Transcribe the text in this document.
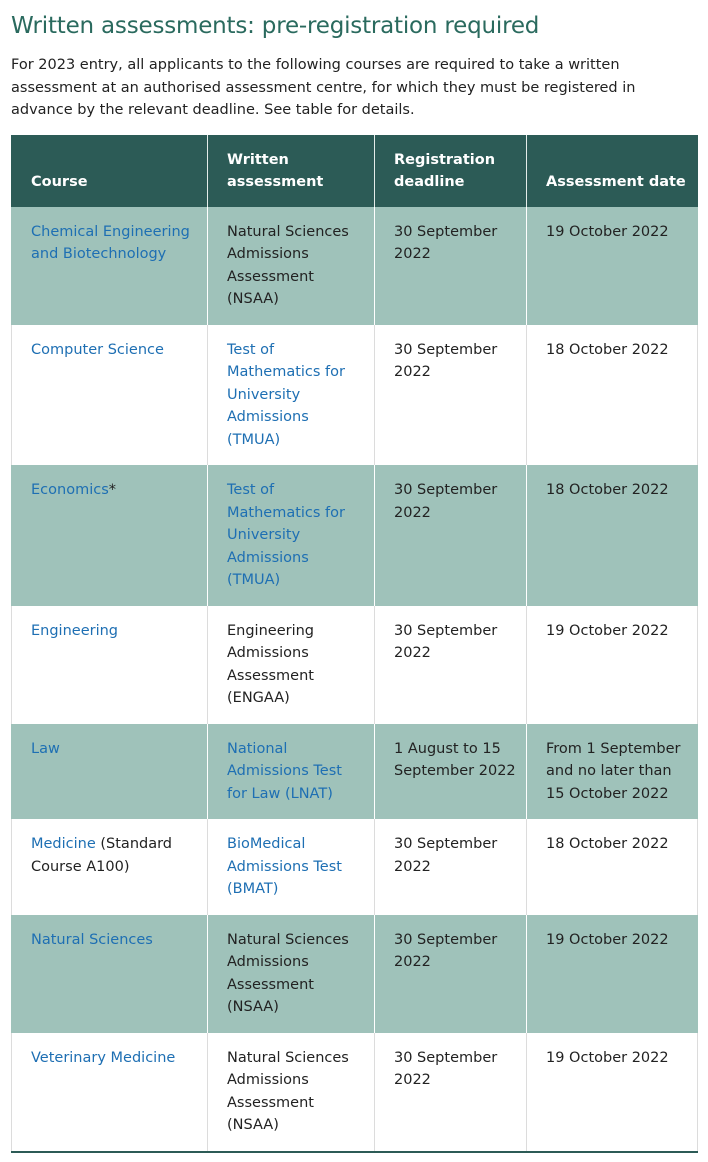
Written assessments: pre-registration required

For 2023 entry, all applicants to the following courses are required to take a written assessment at an authorised assessment centre, for which they must be registered in advance by the relevant deadline. See table for details.

Course	Written assessment	Registration deadline	Assessment date
Chemical Engineering and Biotechnology	Natural Sciences Admissions Assessment (NSAA)	30 September 2022	19 October 2022
Computer Science	Test of Mathematics for University Admissions (TMUA)	30 September 2022	18 October 2022
Economics*	Test of Mathematics for University Admissions (TMUA)	30 September 2022	18 October 2022
Engineering	Engineering Admissions Assessment (ENGAA)	30 September 2022	19 October 2022
Law	National Admissions Test for Law (LNAT)	1 August to 15 September 2022	From 1 September and no later than 15 October 2022
Medicine (Standard Course A100)	BioMedical Admissions Test (BMAT)	30 September 2022	18 October 2022
Natural Sciences	Natural Sciences Admissions Assessment (NSAA)	30 September 2022	19 October 2022
Veterinary Medicine	Natural Sciences Admissions Assessment (NSAA)	30 September 2022	19 October 2022
